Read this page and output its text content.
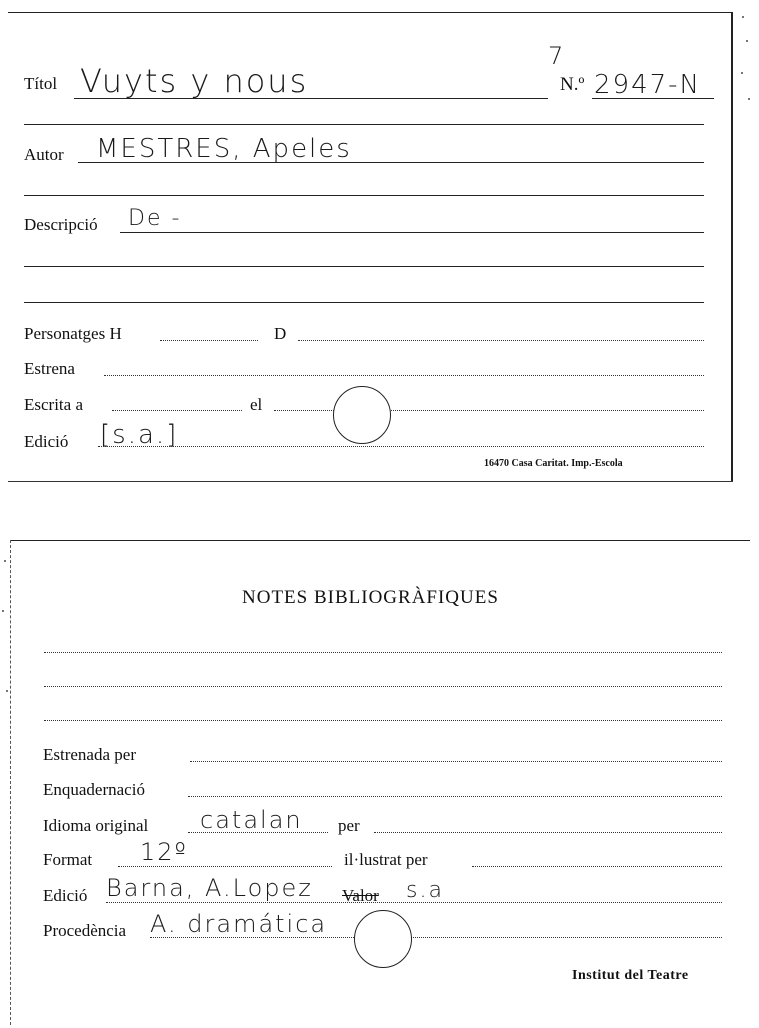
Títol Vuyts y nous
7
N.º 2947-N
Autor MESTRES, Apeles
Descripció De -
Personatges H	D
Estrena
Escrita a	el
Edició [s.a.]
16470 Casa Caritat. Imp.-Escola
NOTES BIBLIOGRÀFIQUES
Estrenada per
Enquadernació
Idioma original catalan per
Format 12º	il·lustrat per
Edició Barna, A.Lopez Valor s.a
Procedència A. dramática
Institut del Teatre
